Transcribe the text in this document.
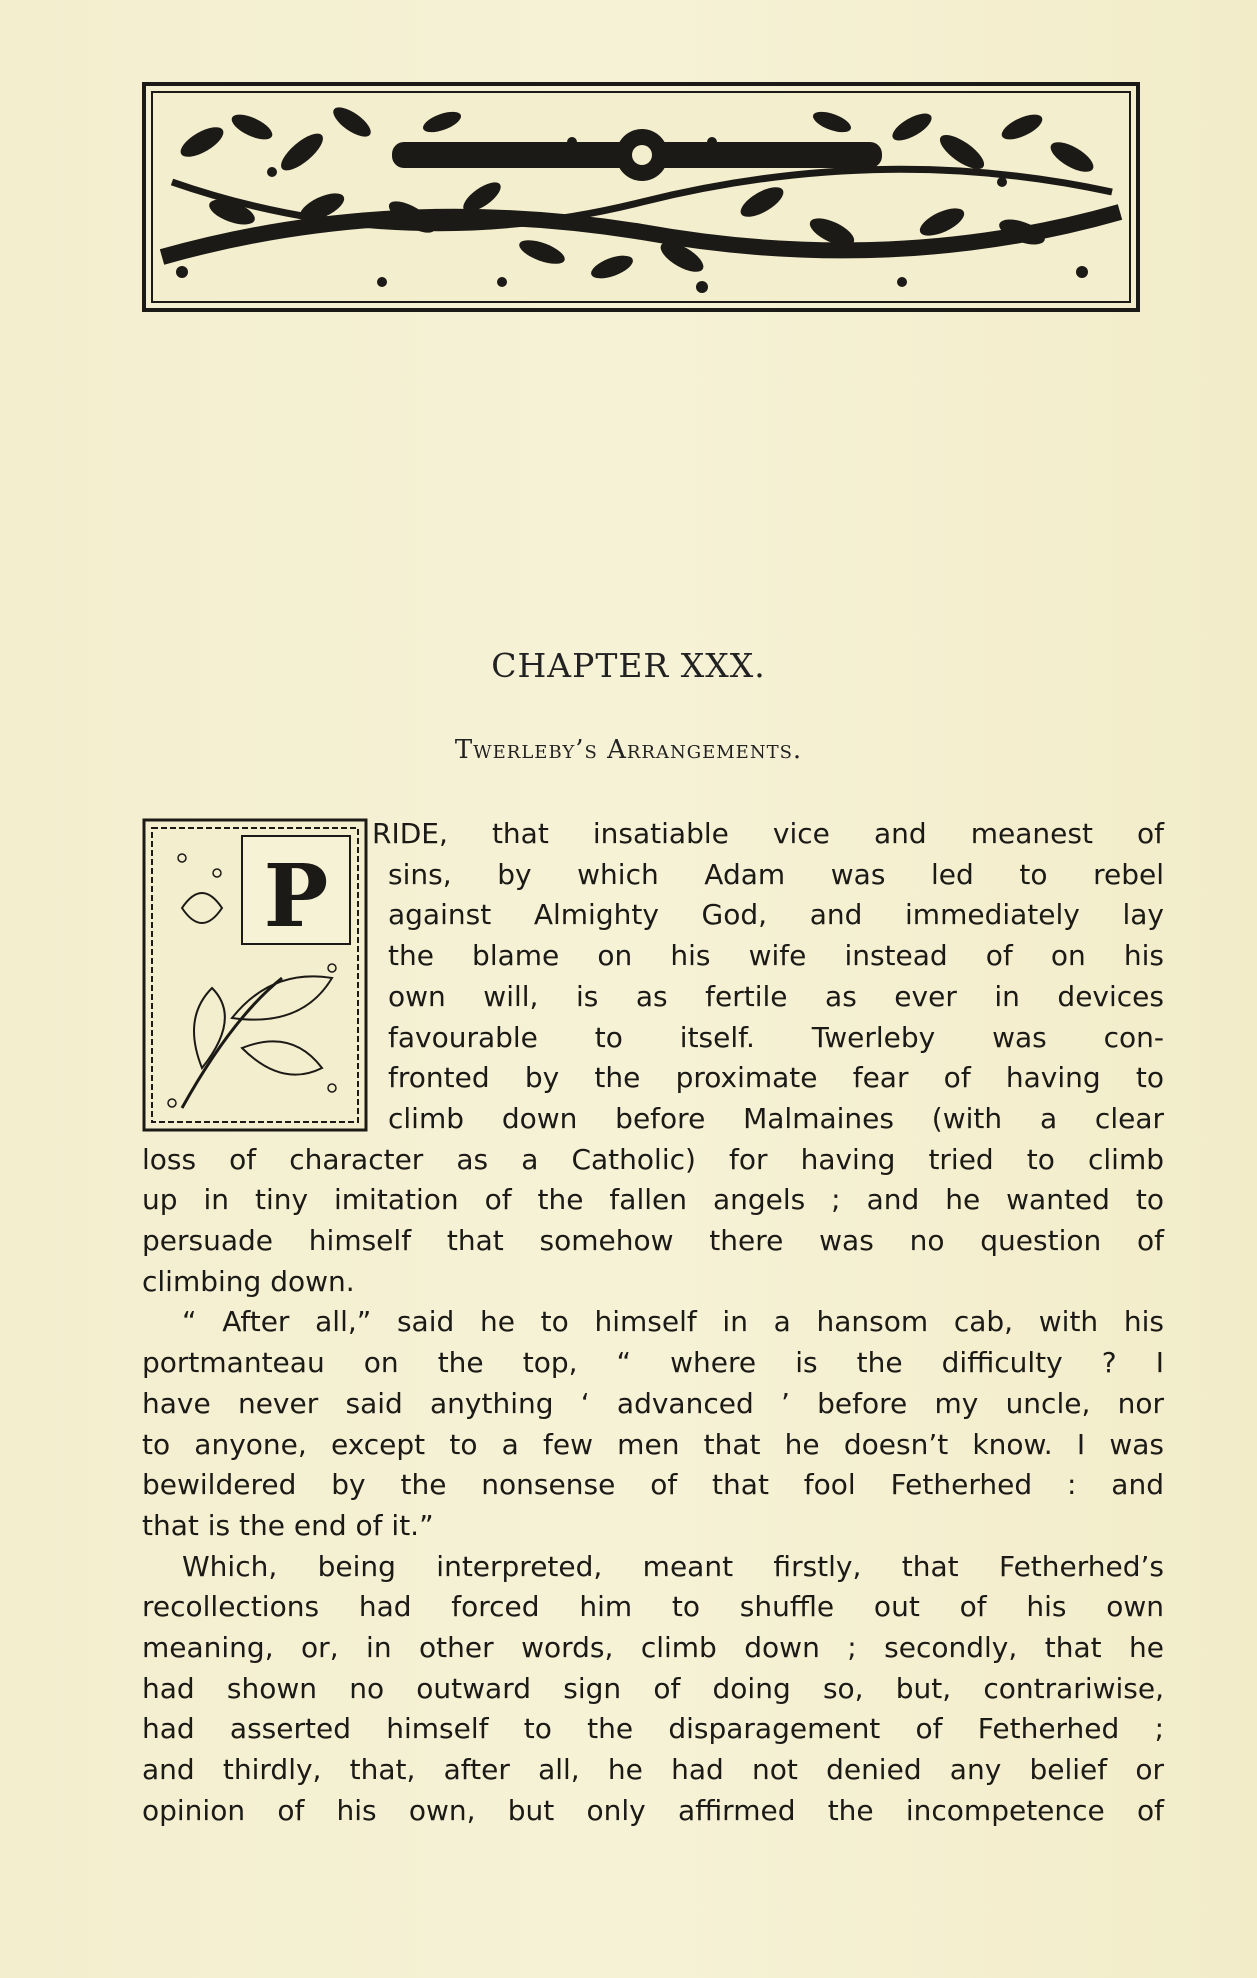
CHAPTER XXX.
Twerleby’s Arrangements.
P
RIDE, that insatiable vice and meanest of
sins, by which Adam was led to rebel
against Almighty God, and immediately lay
the blame on his wife instead of on his
own will, is as fertile as ever in devices
favourable to itself. Twerleby was con-
fronted by the proximate fear of having to
climb down before Malmaines (with a clear
loss of character as a Catholic) for having tried to climb
up in tiny imitation of the fallen angels ; and he wanted to
persuade himself that somehow there was no question of
climbing down.
“ After all,” said he to himself in a hansom cab, with his
portmanteau on the top, “ where is the difficulty ? I
have never said anything ‘ advanced ’ before my uncle, nor
to anyone, except to a few men that he doesn’t know. I was
bewildered by the nonsense of that fool Fetherhed : and
that is the end of it.”
Which, being interpreted, meant firstly, that Fetherhed’s
recollections had forced him to shuffle out of his own
meaning, or, in other words, climb down ; secondly, that he
had shown no outward sign of doing so, but, contrariwise,
had asserted himself to the disparagement of Fetherhed ;
and thirdly, that, after all, he had not denied any belief or
opinion of his own, but only affirmed the incompetence of
